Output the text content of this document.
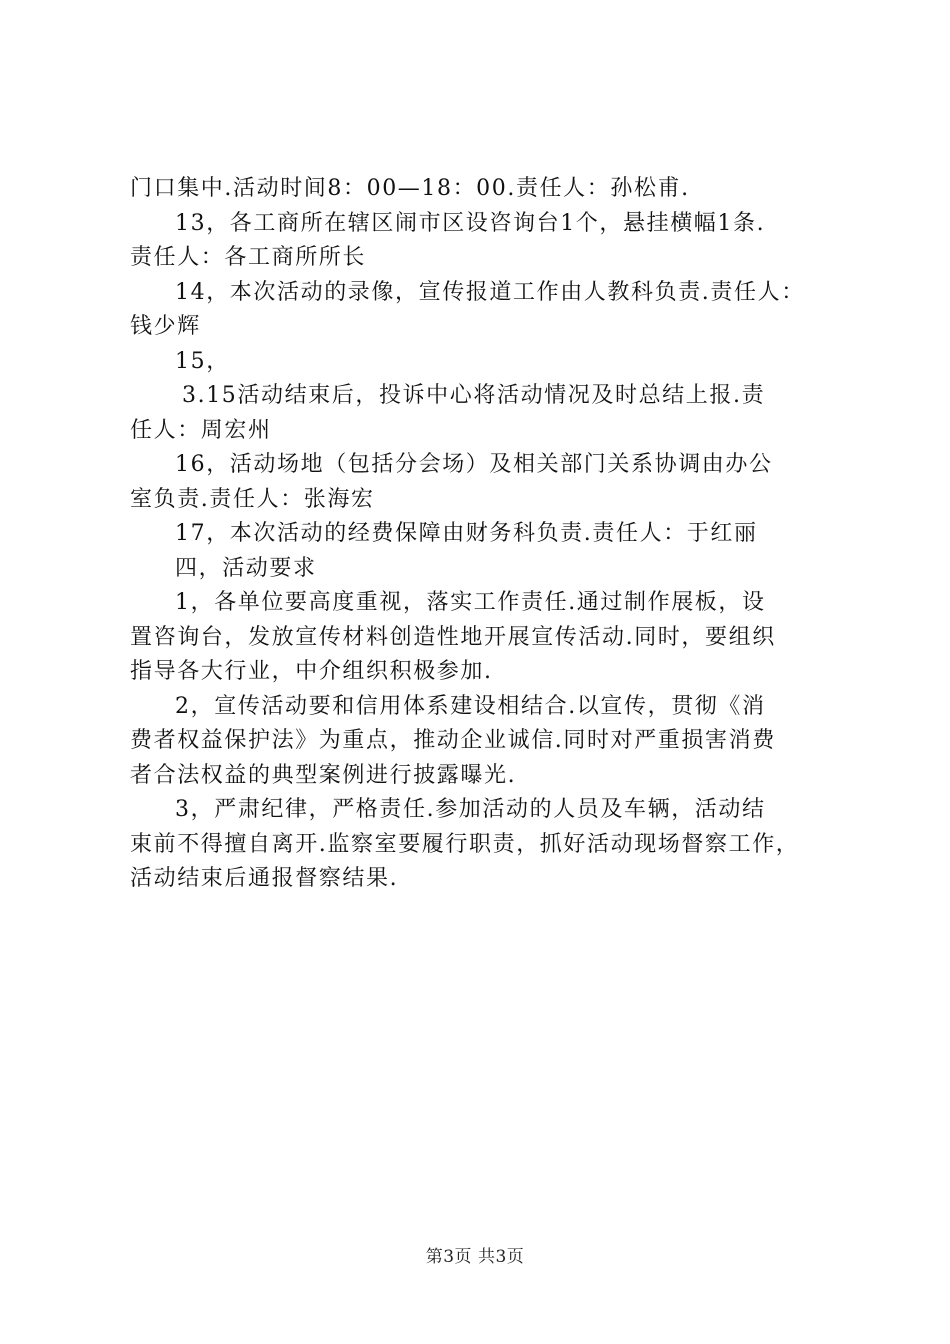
门口集中.活动时间8：00—18：00.责任人：孙松甫.
13，各工商所在辖区闹市区设咨询台1个，悬挂横幅1条.
责任人：各工商所所长
14，本次活动的录像，宣传报道工作由人教科负责.责任人：
钱少辉
15，
3.15活动结束后，投诉中心将活动情况及时总结上报.责
任人：周宏州
16，活动场地（包括分会场）及相关部门关系协调由办公
室负责.责任人：张海宏
17，本次活动的经费保障由财务科负责.责任人：于红丽
四，活动要求
1，各单位要高度重视，落实工作责任.通过制作展板，设
置咨询台，发放宣传材料创造性地开展宣传活动.同时，要组织
指导各大行业，中介组织积极参加.
2，宣传活动要和信用体系建设相结合.以宣传，贯彻《消
费者权益保护法》为重点，推动企业诚信.同时对严重损害消费
者合法权益的典型案例进行披露曝光.
3，严肃纪律，严格责任.参加活动的人员及车辆，活动结
束前不得擅自离开.监察室要履行职责，抓好活动现场督察工作，
活动结束后通报督察结果.
第3页 共3页
